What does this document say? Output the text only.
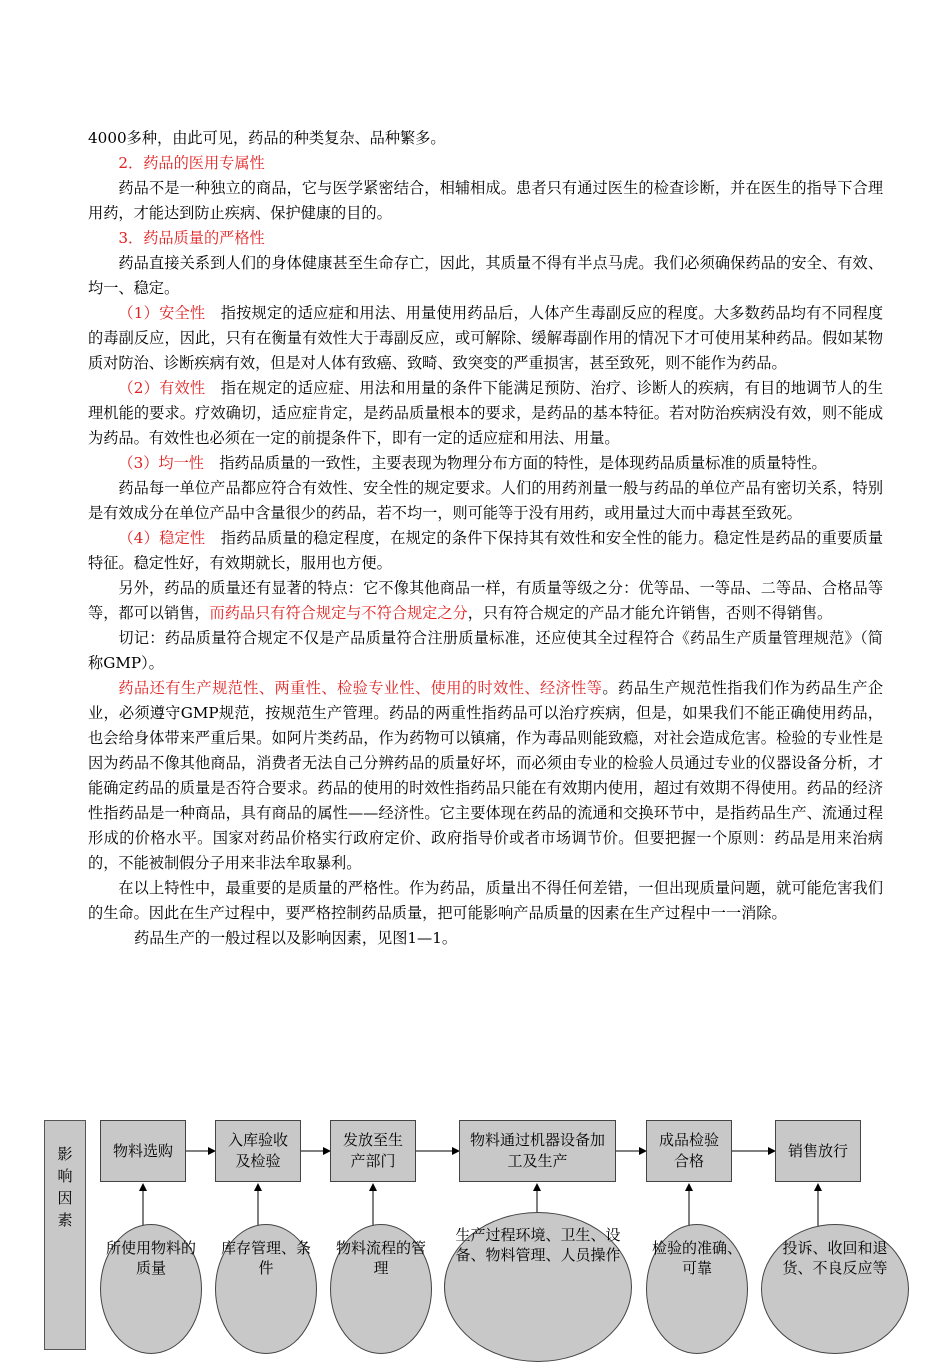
4000多种，由此可见，药品的种类复杂、品种繁多。

2．药品的医用专属性

药品不是一种独立的商品，它与医学紧密结合，相辅相成。患者只有通过医生的检查诊断，并在医生的指导下合理用药，才能达到防止疾病、保护健康的目的。

3．药品质量的严格性

药品直接关系到人们的身体健康甚至生命存亡，因此，其质量不得有半点马虎。我们必须确保药品的安全、有效、均一、稳定。

（1）安全性　 指按规定的适应症和用法、用量使用药品后，人体产生毒副反应的程度。大多数药品均有不同程度的毒副反应，因此，只有在衡量有效性大于毒副反应，或可解除、缓解毒副作用的情况下才可使用某种药品。假如某物质对防治、诊断疾病有效，但是对人体有致癌、致畸、致突变的严重损害，甚至致死，则不能作为药品。

（2）有效性　 指在规定的适应症、用法和用量的条件下能满足预防、治疗、诊断人的疾病，有目的地调节人的生理机能的要求。疗效确切，适应症肯定，是药品质量根本的要求，是药品的基本特征。若对防治疾病没有效，则不能成为药品。有效性也必须在一定的前提条件下，即有一定的适应症和用法、用量。

（3）均一性　 指药品质量的一致性，主要表现为物理分布方面的特性，是体现药品质量标准的质量特性。

药品每一单位产品都应符合有效性、安全性的规定要求。人们的用药剂量一般与药品的单位产品有密切关系，特别是有效成分在单位产品中含量很少的药品，若不均一，则可能等于没有用药，或用量过大而中毒甚至致死。

（4）稳定性　 指药品质量的稳定程度，在规定的条件下保持其有效性和安全性的能力。稳定性是药品的重要质量特征。稳定性好，有效期就长，服用也方便。

另外，药品的质量还有显著的特点：它不像其他商品一样，有质量等级之分：优等品、一等品、二等品、合格品等等，都可以销售，而药品只有符合规定与不符合规定之分，只有符合规定的产品才能允许销售，否则不得销售。

切记：药品质量符合规定不仅是产品质量符合注册质量标准，还应使其全过程符合《药品生产质量管理规范》（简称GMP）。

药品还有生产规范性、两重性、检验专业性、使用的时效性、经济性等。药品生产规范性指我们作为药品生产企业，必须遵守GMP规范，按规范生产管理。药品的两重性指药品可以治疗疾病，但是，如果我们不能正确使用药品，也会给身体带来严重后果。如阿片类药品，作为药物可以镇痛，作为毒品则能致瘾，对社会造成危害。检验的专业性是因为药品不像其他商品，消费者无法自己分辨药品的质量好坏，而必须由专业的检验人员通过专业的仪器设备分析，才能确定药品的质量是否符合要求。药品的使用的时效性指药品只能在有效期内使用，超过有效期不得使用。药品的经济性指药品是一种商品，具有商品的属性——经济性。它主要体现在药品的流通和交换环节中，是指药品生产、流通过程形成的价格水平。国家对药品价格实行政府定价、政府指导价或者市场调节价。但要把握一个原则：药品是用来治病的，不能被制假分子用来非法牟取暴利。

在以上特性中，最重要的是质量的严格性。作为药品，质量出不得任何差错，一但出现质量问题，就可能危害我们的生命。因此在生产过程中，要严格控制药品质量，把可能影响产品质量的因素在生产过程中一一消除。

药品生产的一般过程以及影响因素，见图1—1。

影响因素
物料选购
入库验收及检验
发放至生产部门
物料通过机器设备加工及生产
成品检验合格
销售放行
所使用物料的质量
库存管理、条件
物料流程的管理
生产过程环境、卫生、设备、物料管理、人员操作 检验的准确、可靠
投诉、收回和退货、不良反应等
